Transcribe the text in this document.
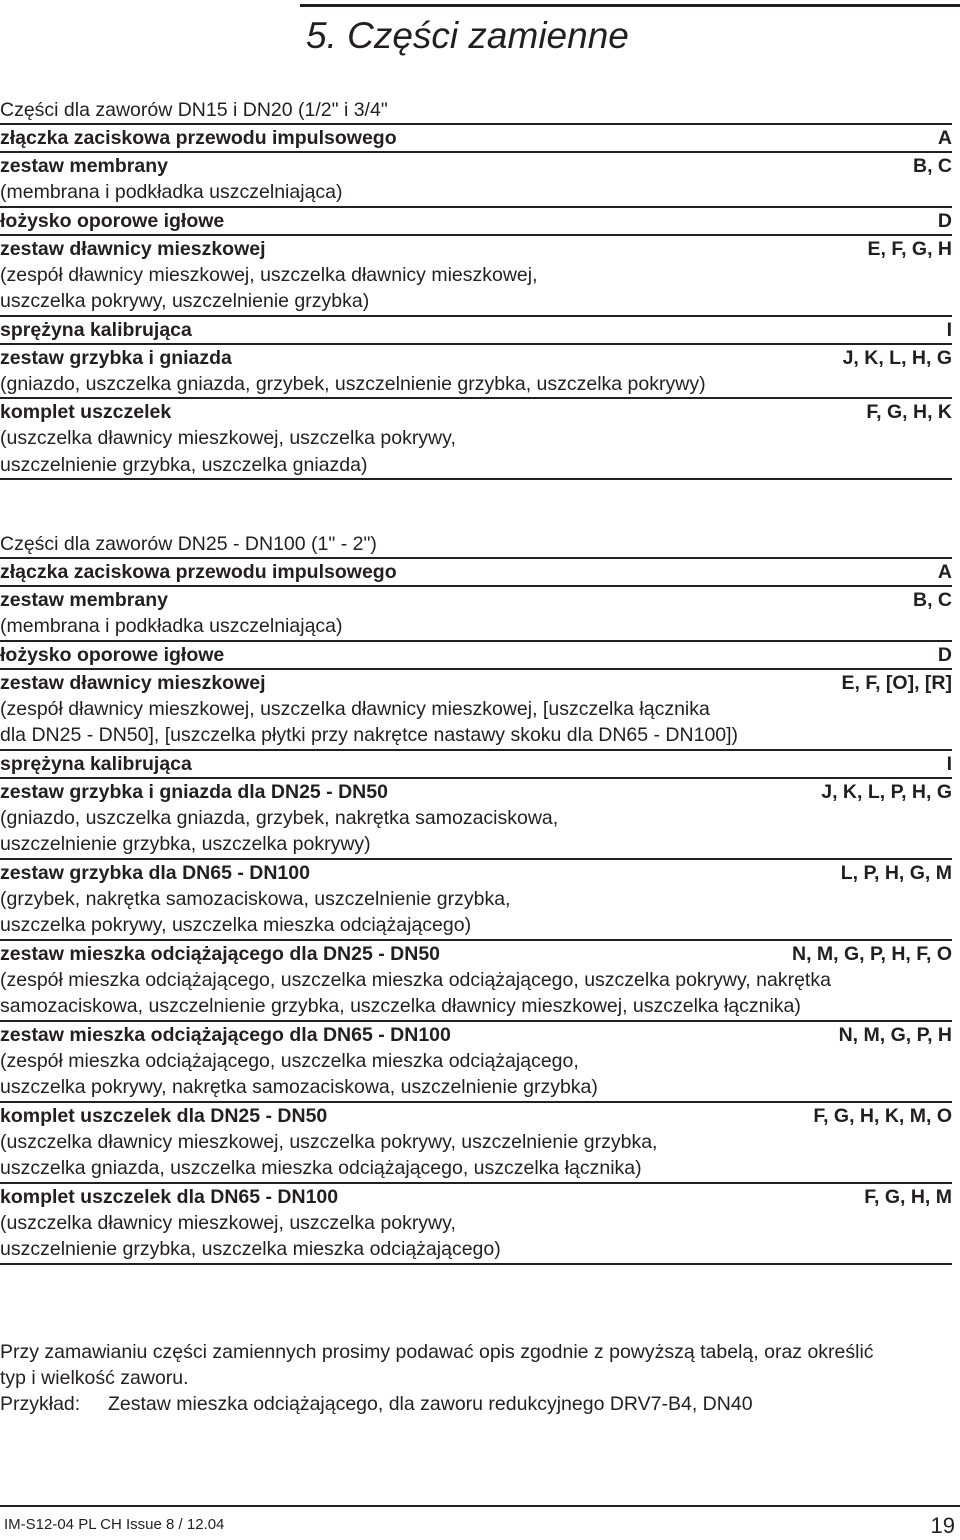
5. Części zamienne
Części dla zaworów DN15 i DN20 (1/2" i 3/4"
złączka zaciskowa przewodu impulsowego	A
zestaw membrany	B, C
(membrana i podkładka uszczelniająca)
łożysko oporowe igłowe	D
zestaw dławnicy mieszkowej	E, F, G, H
(zespół dławnicy mieszkowej, uszczelka dławnicy mieszkowej,
uszczelka pokrywy, uszczelnienie grzybka)
sprężyna kalibrująca	I
zestaw grzybka i gniazda	J, K, L, H, G
(gniazdo, uszczelka gniazda, grzybek, uszczelnienie grzybka, uszczelka pokrywy)
komplet uszczelek	F, G, H, K
(uszczelka dławnicy mieszkowej, uszczelka pokrywy,
uszczelnienie grzybka, uszczelka gniazda)
Części dla zaworów DN25 - DN100 (1" - 2")
złączka zaciskowa przewodu impulsowego	A
zestaw membrany	B, C
(membrana i podkładka uszczelniająca)
łożysko oporowe igłowe	D
zestaw dławnicy mieszkowej	E, F, [O], [R]
(zespół dławnicy mieszkowej, uszczelka dławnicy mieszkowej, [uszczelka łącznika
dla DN25 - DN50], [uszczelka płytki przy nakrętce nastawy skoku dla DN65 - DN100])
sprężyna kalibrująca	I
zestaw grzybka i gniazda dla DN25 - DN50	J, K, L, P, H, G
(gniazdo, uszczelka gniazda, grzybek, nakrętka samozaciskowa,
uszczelnienie grzybka, uszczelka pokrywy)
zestaw grzybka dla DN65 - DN100	L, P, H, G, M
(grzybek, nakrętka samozaciskowa, uszczelnienie grzybka,
uszczelka pokrywy, uszczelka mieszka odciążającego)
zestaw mieszka odciążającego dla DN25 - DN50	N, M, G, P, H, F, O
(zespół mieszka odciążającego, uszczelka mieszka odciążającego, uszczelka pokrywy, nakrętka
samozaciskowa, uszczelnienie grzybka, uszczelka dławnicy mieszkowej, uszczelka łącznika)
zestaw mieszka odciążającego dla DN65 - DN100	N, M, G, P, H
(zespół mieszka odciążającego, uszczelka mieszka odciążającego,
uszczelka pokrywy, nakrętka samozaciskowa, uszczelnienie grzybka)
komplet uszczelek dla DN25 - DN50	F, G, H, K, M, O
(uszczelka dławnicy mieszkowej, uszczelka pokrywy, uszczelnienie grzybka,
uszczelka gniazda, uszczelka mieszka odciążającego, uszczelka łącznika)
komplet uszczelek dla DN65 - DN100	F, G, H, M
(uszczelka dławnicy mieszkowej, uszczelka pokrywy,
uszczelnienie grzybka, uszczelka mieszka odciążającego)

Przy zamawianiu części zamiennych prosimy podawać opis zgodnie z powyższą tabelą, oraz określić

typ i wielkość zaworu.

Przykład: Zestaw mieszka odciążającego, dla zaworu redukcyjnego DRV7-B4, DN40

IM-S12-04 PL CH Issue 8 / 12.04	19
